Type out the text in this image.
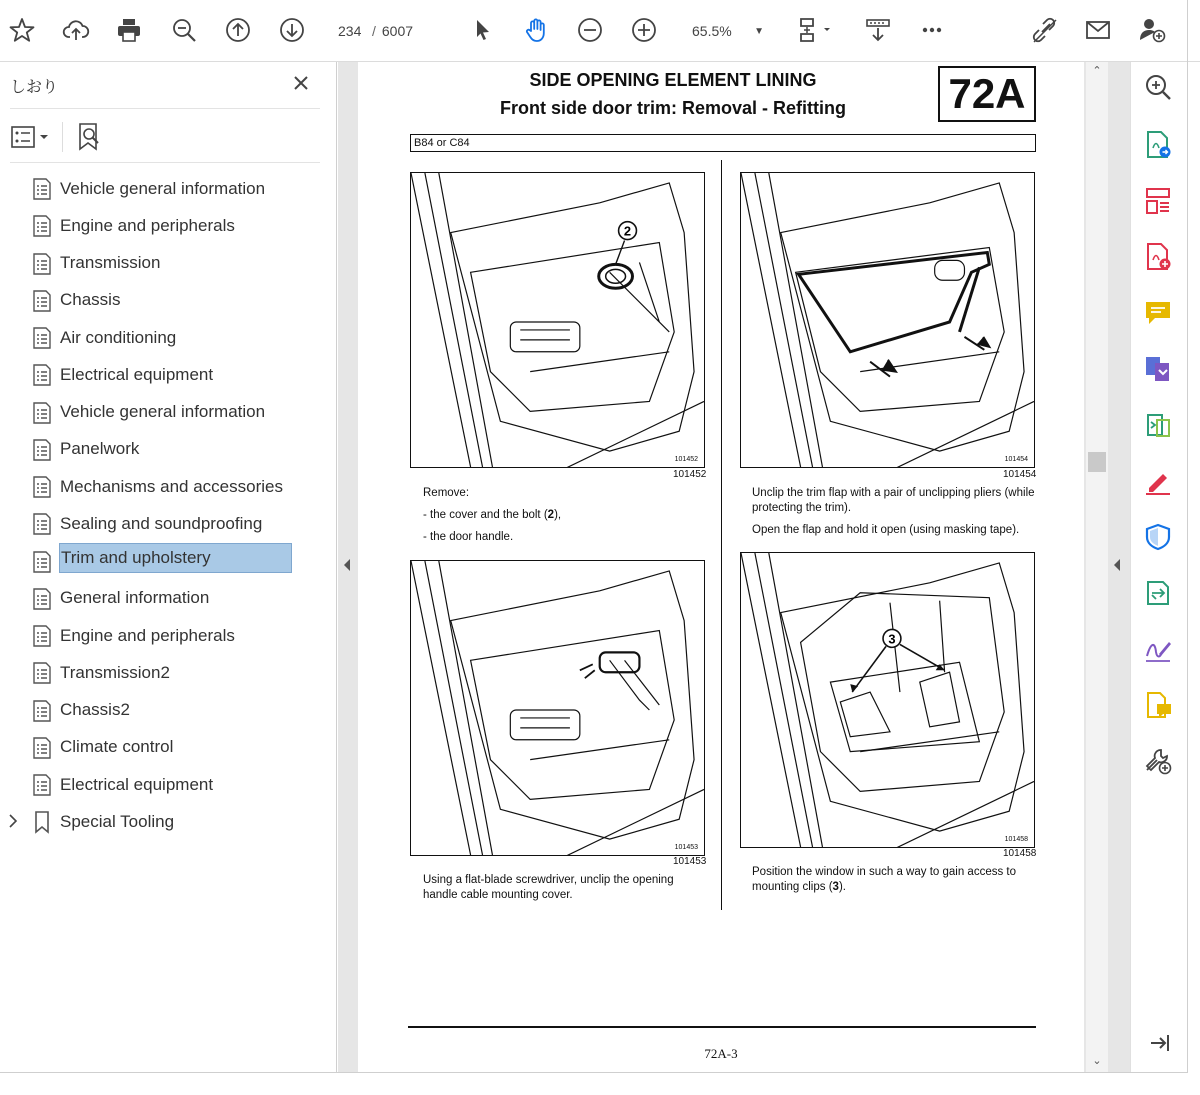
234 / 6007	65.5% ▼
しおり
Vehicle general information
Engine and peripherals
Transmission
Chassis
Air conditioning
Electrical equipment
Vehicle general information
Panelwork
Mechanisms and accessories
Sealing and soundproofing
Trim and upholstery
General information
Engine and peripherals
Transmission2
Chassis2
Climate control
Electrical equipment
Special Tooling
SIDE OPENING ELEMENT LINING
Front side door trim: Removal - Refitting	72A
B84 or C84
2
101452
101452

Remove:

- the cover and the bolt (2),

- the door handle.

101454
101454

Unclip the trim flap with a pair of unclipping pliers (while protecting the trim).

Open the flap and hold it open (using masking tape).

101453
101453

Using a flat-blade screwdriver, unclip the opening handle cable mounting cover.

3
101458
101458

Position the window in such a way to gain access to mounting clips (3).

72A-3
⌃
⌄
